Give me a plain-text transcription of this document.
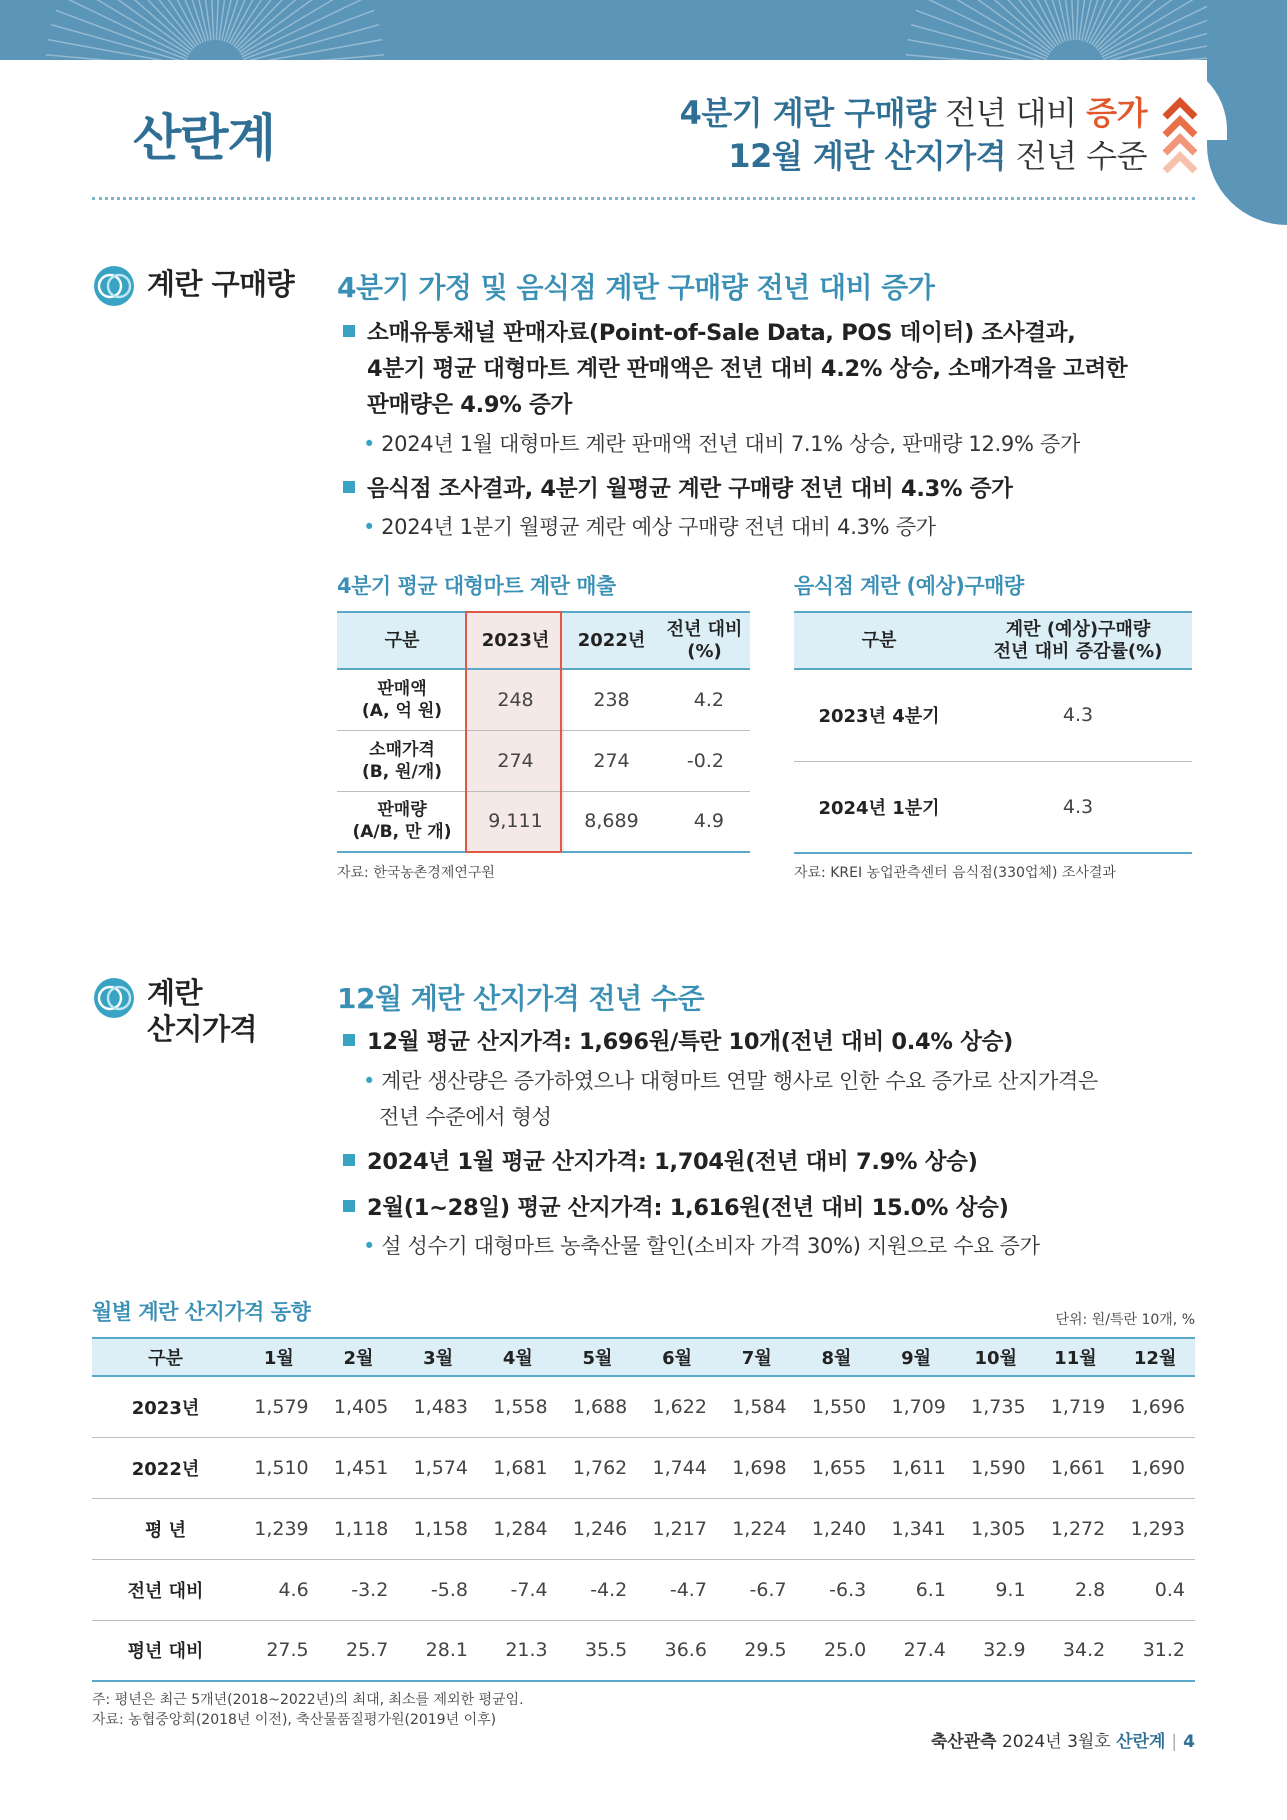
산란계	4분기 계란 구매량 전년 대비 증가
12월 계란 산지가격 전년 수준
계란 구매량 4분기 가정 및 음식점 계란 구매량 전년 대비 증가
소매유통채널 판매자료(Point-of-Sale Data, POS 데이터) 조사결과,
4분기 평균 대형마트 계란 판매액은 전년 대비 4.2% 상승, 소매가격을 고려한
판매량은 4.9% 증가
• 2024년 1월 대형마트 계란 판매액 전년 대비 7.1% 상승, 판매량 12.9% 증가
음식점 조사결과, 4분기 월평균 계란 구매량 전년 대비 4.3% 증가
• 2024년 1분기 월평균 계란 예상 구매량 전년 대비 4.3% 증가
4분기 평균 대형마트 계란 매출
구분	2023년	2022년	전년 대비
(%)
판매액
(A, 억 원)	248	238	4.2
소매가격
(B, 원/개)	274	274	-0.2
판매량
(A/B, 만 개)	9,111	8,689	4.9
자료: 한국농촌경제연구원
음식점 계란 (예상)구매량
구분	계란 (예상)구매량
전년 대비 증감률(%)
2023년 4분기	4.3
2024년 1분기	4.3
자료: KREI 농업관측센터 음식점(330업체) 조사결과
계란
산지가격
12월 계란 산지가격 전년 수준
12월 평균 산지가격: 1,696원/특란 10개(전년 대비 0.4% 상승)
• 계란 생산량은 증가하였으나 대형마트 연말 행사로 인한 수요 증가로 산지가격은
전년 수준에서 형성
2024년 1월 평균 산지가격: 1,704원(전년 대비 7.9% 상승)
2월(1~28일) 평균 산지가격: 1,616원(전년 대비 15.0% 상승)
• 설 성수기 대형마트 농축산물 할인(소비자 가격 30%) 지원으로 수요 증가
월별 계란 산지가격 동향	단위: 원/특란 10개, %
구분	1월	2월	3월	4월	5월	6월	7월	8월	9월	10월	11월	12월
2023년	1,579	1,405	1,483	1,558	1,688	1,622	1,584	1,550	1,709	1,735	1,719	1,696
2022년	1,510	1,451	1,574	1,681	1,762	1,744	1,698	1,655	1,611	1,590	1,661	1,690
평 년	1,239	1,118	1,158	1,284	1,246	1,217	1,224	1,240	1,341	1,305	1,272	1,293
전년 대비	4.6	-3.2	-5.8	-7.4	-4.2	-4.7	-6.7	-6.3	6.1	9.1	2.8	0.4
평년 대비	27.5	25.7	28.1	21.3	35.5	36.6	29.5	25.0	27.4	32.9	34.2	31.2
주: 평년은 최근 5개년(2018~2022년)의 최대, 최소를 제외한 평균임.
자료: 농협중앙회(2018년 이전), 축산물품질평가원(2019년 이후)
축산관측 2024년 3월호 산란계 | 4
